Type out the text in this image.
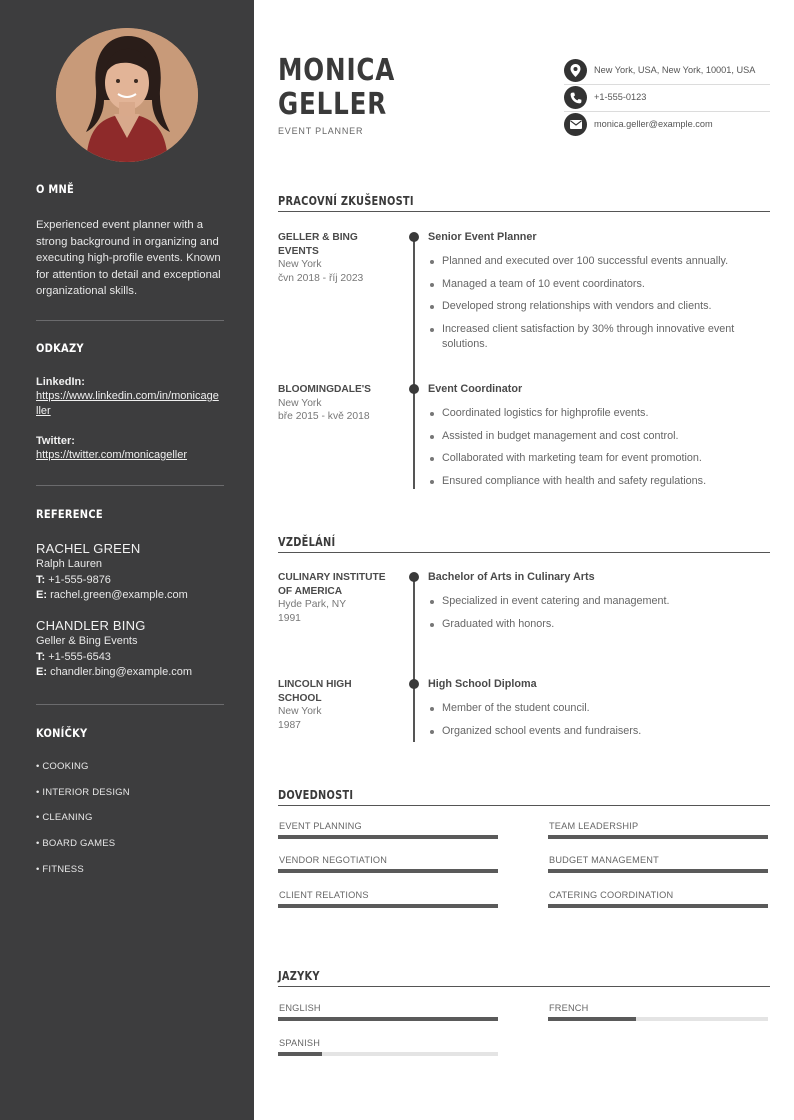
O MNĚ
Experienced event planner with a strong background in organizing and executing high-profile events. Known for attention to detail and exceptional organizational skills.
ODKAZY
LinkedIn:
https://www.linkedin.com/in/monicageller
Twitter:
https://twitter.com/monicageller
REFERENCE
RACHEL GREEN
Ralph Lauren
T: +1-555-9876
E: rachel.green@example.com
CHANDLER BING
Geller & Bing Events
T: +1-555-6543
E: chandler.bing@example.com
KONÍČKY
• COOKING
• INTERIOR DESIGN
• CLEANING
• BOARD GAMES
• FITNESS
MONICA
GELLER
EVENT PLANNER
New York, USA, New York, 10001, USA
+1-555-0123
monica.geller@example.com
PRACOVNÍ ZKUŠENOSTI
GELLER & BING EVENTS
New York
čvn 2018 - říj 2023
Senior Event Planner
Planned and executed over 100 successful events annually.
Managed a team of 10 event coordinators.
Developed strong relationships with vendors and clients.
Increased client satisfaction by 30% through innovative event solutions.
BLOOMINGDALE'S
New York
bře 2015 - kvě 2018
Event Coordinator
Coordinated logistics for highprofile events.
Assisted in budget management and cost control.
Collaborated with marketing team for event promotion.
Ensured compliance with health and safety regulations.
VZDĚLÁNÍ
CULINARY INSTITUTE OF AMERICA
Hyde Park, NY
1991
Bachelor of Arts in Culinary Arts
Specialized in event catering and management.
Graduated with honors.
LINCOLN HIGH SCHOOL
New York
1987
High School Diploma
Member of the student council.
Organized school events and fundraisers.
DOVEDNOSTI
EVENT PLANNING	TEAM LEADERSHIP
VENDOR NEGOTIATION	BUDGET MANAGEMENT
CLIENT RELATIONS	CATERING COORDINATION
JAZYKY
ENGLISH	FRENCH
SPANISH
